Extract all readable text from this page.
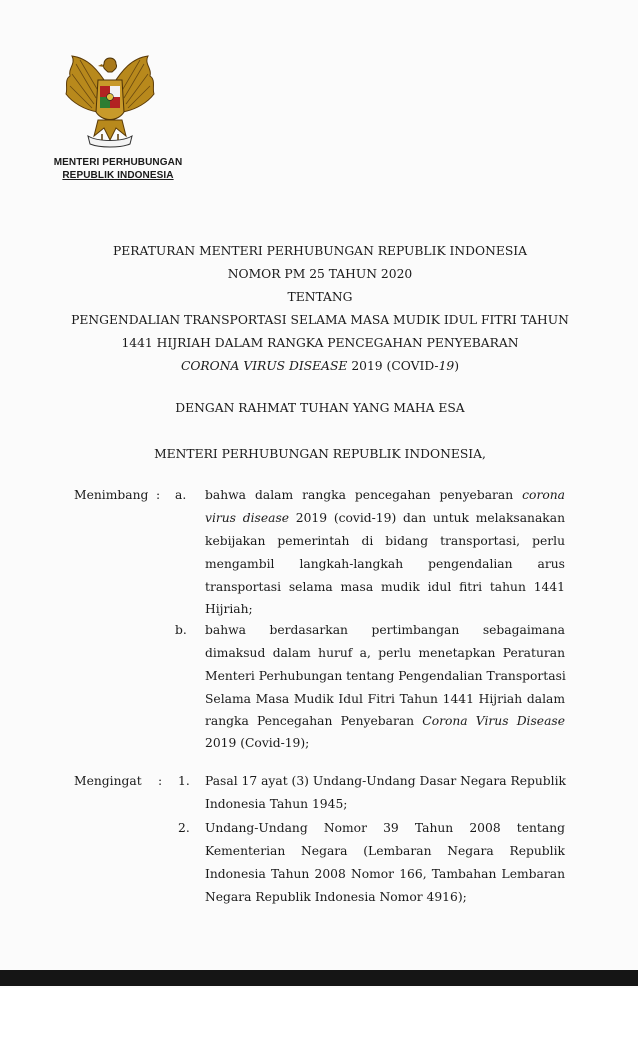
MENTERI PERHUBUNGAN
REPUBLIK INDONESIA
PERATURAN MENTERI PERHUBUNGAN REPUBLIK INDONESIA
NOMOR PM 25 TAHUN 2020
TENTANG
PENGENDALIAN TRANSPORTASI SELAMA MASA MUDIK IDUL FITRI TAHUN
1441 HIJRIAH DALAM RANGKA PENCEGAHAN PENYEBARAN
CORONA VIRUS DISEASE 2019 (COVID-19)
DENGAN RAHMAT TUHAN YANG MAHA ESA
MENTERI PERHUBUNGAN REPUBLIK INDONESIA,
Menimbang : a. bahwa dalam rangka pencegahan penyebaran corona
virus disease 2019 (covid-19) dan untuk melaksanakan
kebijakan pemerintah di bidang transportasi, perlu
mengambil langkah-langkah pengendalian arus
transportasi selama masa mudik idul fitri tahun 1441
Hijriah;
b. bahwa berdasarkan pertimbangan sebagaimana
dimaksud dalam huruf a, perlu menetapkan Peraturan
Menteri Perhubungan tentang Pengendalian Transportasi
Selama Masa Mudik Idul Fitri Tahun 1441 Hijriah dalam
rangka Pencegahan Penyebaran Corona Virus Disease
2019 (Covid-19);
Mengingat : 1. Pasal 17 ayat (3) Undang-Undang Dasar Negara Republik
Indonesia Tahun 1945;
2. Undang-Undang Nomor 39 Tahun 2008 tentang
Kementerian Negara (Lembaran Negara Republik
Indonesia Tahun 2008 Nomor 166, Tambahan Lembaran
Negara Republik Indonesia Nomor 4916);
